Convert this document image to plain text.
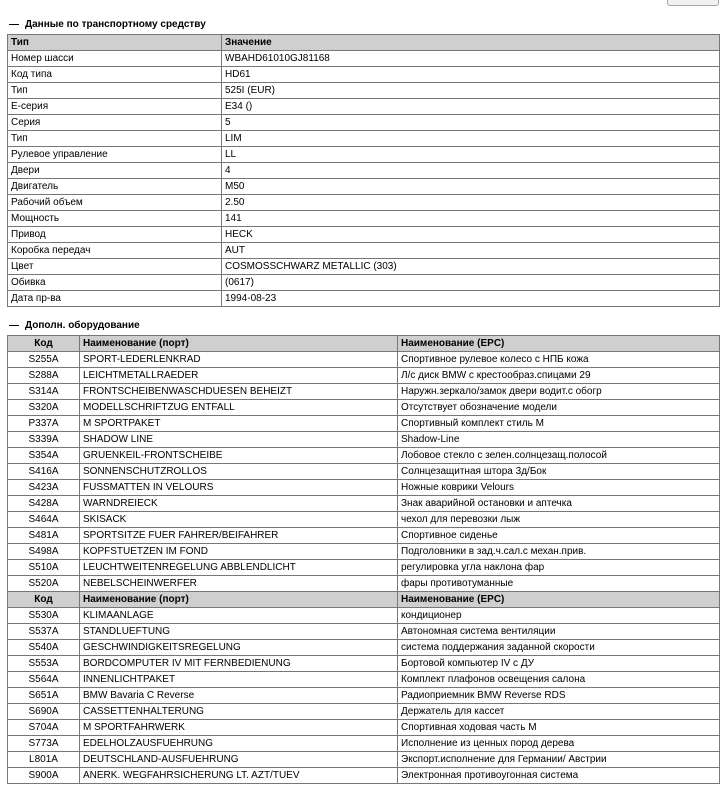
— Данные по транспортному средству
Тип	Значение
Номер шасси	WBAHD61010GJ81168
Код типа	HD61
Тип	525I (EUR)
E-серия	E34 ()
Серия	5
Тип	LIM
Рулевое управление	LL
Двери	4
Двигатель	M50
Рабочий объем	2.50
Мощность	141
Привод	HECK
Коробка передач	AUT
Цвет	COSMOSSCHWARZ METALLIC (303)
Обивка	(0617)
Дата пр-ва	1994-08-23
— Дополн. оборудование
Код	Наименование (порт)	Наименование (EPC)
S255A	SPORT-LEDERLENKRAD	Спортивное рулевое колесо с НПБ кожа
S288A	LEICHTMETALLRAEDER	Л/с диск BMW с крестообраз.спицами 29
S314A	FRONTSCHEIBENWASCHDUESEN BEHEIZT	Наружн.зеркало/замок двери водит.с обогр
S320A	MODELLSCHRIFTZUG ENTFALL	Отсутствует обозначение модели
P337A	M SPORTPAKET	Спортивный комплект стиль M
S339A	SHADOW LINE	Shadow-Line
S354A	GRUENKEIL-FRONTSCHEIBE	Лобовое стекло с зелен.солнцезащ.полосой
S416A	SONNENSCHUTZROLLOS	Солнцезащитная штора 3д/Бок
S423A	FUSSMATTEN IN VELOURS	Ножные коврики Velours
S428A	WARNDREIECK	Знак аварийной остановки и аптечка
S464A	SKISACK	чехол для перевозки лыж
S481A	SPORTSITZE FUER FAHRER/BEIFAHRER	Спортивное сиденье
S498A	KOPFSTUETZEN IM FOND	Подголовники в зад.ч.сал.с механ.прив.
S510A	LEUCHTWEITENREGELUNG ABBLENDLICHT	регулировка угла наклона фар
S520A	NEBELSCHEINWERFER	фары противотуманные
Код	Наименование (порт)	Наименование (EPC)
S530A	KLIMAANLAGE	кондиционер
S537A	STANDLUEFTUNG	Автономная система вентиляции
S540A	GESCHWINDIGKEITSREGELUNG	система поддержания заданной скорости
S553A	BORDCOMPUTER IV MIT FERNBEDIENUNG	Бортовой компьютер IV с ДУ
S564A	INNENLICHTPAKET	Комплект плафонов освещения салона
S651A	BMW Bavaria C Reverse	Радиоприемник BMW Reverse RDS
S690A	CASSETTENHALTERUNG	Держатель для кассет
S704A	M SPORTFAHRWERK	Спортивная ходовая часть M
S773A	EDELHOLZAUSFUEHRUNG	Исполнение из ценных пород дерева
L801A	DEUTSCHLAND-AUSFUEHRUNG	Экспорт.исполнение для Германии/ Австрии
S900A	ANERK. WEGFAHRSICHERUNG LT. AZT/TUEV	Электронная противоугонная система
